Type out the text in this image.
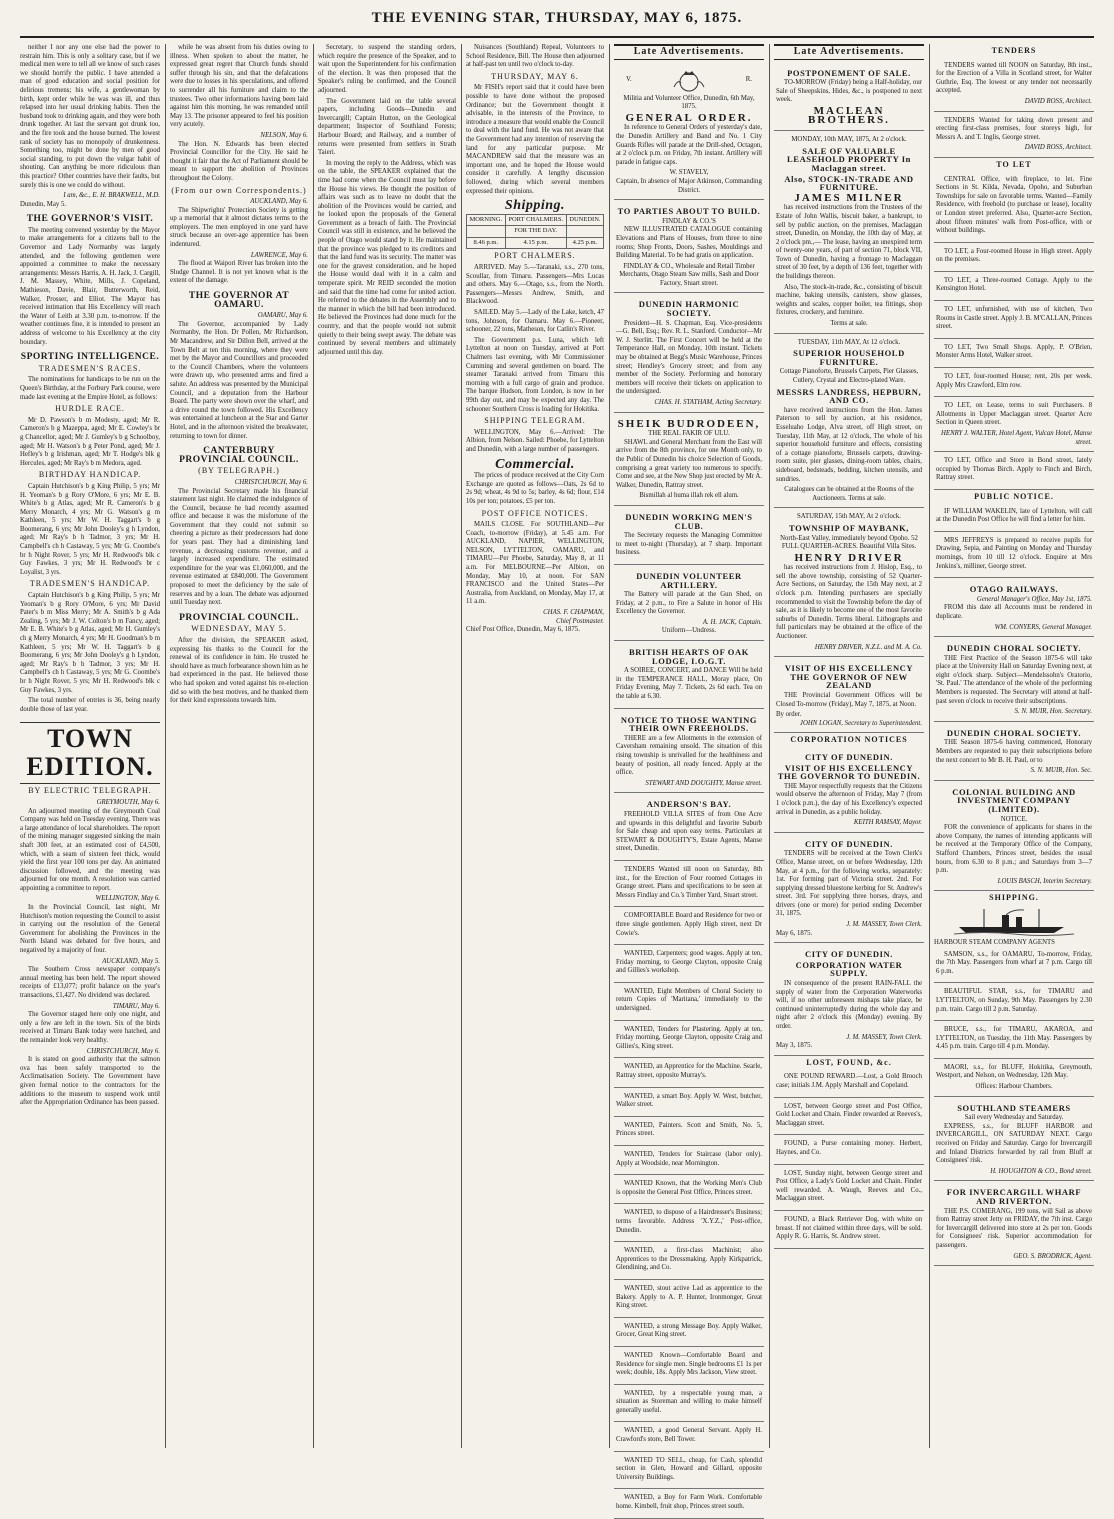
THE EVENING STAR, THURSDAY, MAY 6, 1875.

neither I nor any one else had the power to restrain him. This is only a solitary case, but if we medical men were to tell all we know of such cases we should horrify the public. I have attended a man of good education and social position for delirious tremens; his wife, a gentlewoman by birth, kept order while he was was ill, and thus relapsed into her usual drinking habits. Then the husband took to drinking again, and they were both drunk together. At last the servant got drunk too, and the fire took and the house burned. The lowest rank of society has no monopoly of drunkenness. Something too, might be done by men of good social standing, to put down the vulgar habit of shouting. Can anything be more ridiculous than this practice? Other countries have their faults, but surely this is one we could do without.

I am, &c., E. H. BRAKWELL, M.D.
Dunedin, May 5.
THE GOVERNOR'S VISIT.

The meeting convened yesterday by the Mayor to make arrangements for a citizens ball to the Governor and Lady Normanby was largely attended, and the following gentlemen were appointed a committee to make the necessary arrangements: Messrs Harris, A. H. Jack, J. Cargill, J. M. Massey, White, Mills, J. Copeland, Mathieson, Davie, Blair, Butterworth, Reid, Walker, Prosser, and Elliot. The Mayor has received intimation that His Excellency will reach the Water of Leith at 3.30 p.m. to-morrow. If the weather continues fine, it is intended to present an address of welcome to his Excellency at the city boundary.

SPORTING INTELLIGENCE.
TRADESMEN'S RACES.

The nominations for handicaps to be run on the Queen's Birthday, at the Forbury Park course, were made last evening at the Empire Hotel, as follows:

HURDLE RACE.

Mr D. Pawson's b m Modesty, aged; Mr R. Cameron's b g Mazeppa, aged; Mr E. Cowley's br g Chancellor, aged; Mr J. Gumley's b g Schoolboy, aged; Mr H. Watson's b g Peter Pond, aged; Mr J. Hefley's b g Irishman, aged; Mr T. Hodge's blk g Hercules, aged; Mr Ray's b m Medora, aged.

BIRTHDAY HANDICAP.

Captain Hutchison's b g King Philip, 5 yrs; Mr H. Yeoman's b g Rory O'More, 6 yrs; Mr E. B. White's b g Atlas, aged; Mr R. Cameron's b g Merry Monarch, 4 yrs; Mr G. Watson's g m Kathleen, 5 yrs; Mr W. H. Taggart's b g Boomerang, 6 yrs; Mr John Dooley's g h Lyndon, aged; Mr Ray's b h Tadmor, 3 yrs; Mr H. Campbell's ch h Castaway, 5 yrs; Mr G. Coombe's br h Night Rover, 5 yrs; Mr H. Redwood's blk c Guy Fawkes, 3 yrs; Mr H. Redwood's br c Loyalist, 3 yrs.

TRADESMEN'S HANDICAP.

Captain Hutchison's b g King Philip, 5 yrs; Mr Yeoman's b g Rory O'More, 6 yrs; Mr David Pater's b m Miss Merry; Mr A. Smith's b g Ada Zealing, 5 yrs; Mr J. W. Colton's b m Fancy, aged; Mr E. B. White's b g Atlas, aged; Mr H. Gumley's ch g Merry Monarch, 4 yrs; Mr H. Goodman's b m Kathleen, 5 yrs; Mr W. H. Taggart's b g Boomerang, 6 yrs; Mr John Dooley's g h Lyndon, aged; Mr Ray's b h Tadmor, 3 yrs; Mr H. Campbell's ch h Castaway, 5 yrs; Mr G. Coombe's br h Night Rover, 5 yrs; Mr H. Redwood's blk c Guy Fawkes, 3 yrs.

The total number of entries is 36, being nearly double those of last year.

TOWN EDITION.
BY ELECTRIC TELEGRAPH.
GREYMOUTH, May 6.

An adjourned meeting of the Greymouth Coal Company was held on Tuesday evening. There was a large attendance of local shareholders. The report of the mining manager suggested sinking the main shaft 300 feet, at an estimated cost of £4,500, which, with a seam of sixteen feet thick, would yield the first year 100 tons per day. An animated discussion followed, and the meeting was adjourned for one month. A resolution was carried appointing a committee to report.

WELLINGTON, May 6.

In the Provincial Council, last night, Mr Hutchison's motion requesting the Council to assist in carrying out the resolution of the General Government for abolishing the Provinces in the North Island was debated for five hours, and negatived by a majority of four.

AUCKLAND, May 5.

The Southern Cross newspaper company's annual meeting has been held. The report showed receipts of £13,077; profit balance on the year's transactions, £1,427. No dividend was declared.

TIMARU, May 6.

The Governor staged here only one night, and only a few are left in the town. Six of the birds received at Timaru Bank today were hatched, and the remainder look very healthy.

CHRISTCHURCH, May 6.

It is stated on good authority that the salmon ova has been safely transported to the Acclimatisation Society. The Government have given formal notice to the contractors for the additions to the museum to suspend work until after the Appropriation Ordinance has been passed.

while he was absent from his duties owing to illness. When spoken to about the matter, he expressed great regret that Church funds should suffer through his sin, and that the defalcations were due to losses in his speculations, and offered to surrender all his furniture and claim to the trustees. Two other informations having been laid against him this morning, he was remanded until May 13. The prisoner appeared to feel his position very acutely.

NELSON, May 6.

The Hon. N. Edwards has been elected Provincial Councillor for the City. He said he thought it fair that the Act of Parliament should be meant to support the abolition of Provinces throughout the Colony.

(From our own Correspondents.)
AUCKLAND, May 6.

The Shipwrights' Protection Society is getting up a memorial that it almost dictates terms to the employers. The men employed in one yard have struck because an over-age apprentice has been indentured.

LAWRENCE, May 6.

The flood at Waipori River has broken into the Sludge Channel. It is not yet known what is the extent of the damage.

THE GOVERNOR AT OAMARU.
OAMARU, May 6.

The Governor, accompanied by Lady Normanby, the Hon. Dr Pollen, Mr Richardson, Mr Macandrew, and Sir Dillon Bell, arrived at the Town Belt at ten this morning, where they were met by the Mayor and Councillors and proceeded to the Council Chambers, where the volunteers were drawn up, who presented arms and fired a salute. An address was presented by the Municipal Council, and a deputation from the Harbour Board. The party were shown over the wharf, and a drive round the town followed. His Excellency was entertained at luncheon at the Star and Garter Hotel, and in the afternoon visited the breakwater, returning to town for dinner.

CANTERBURY PROVINCIAL COUNCIL.
(BY TELEGRAPH.)
CHRISTCHURCH, May 6.

The Provincial Secretary made his financial statement last night. He claimed the indulgence of the Council, because he had recently assumed office and because it was the misfortune of the Government that they could not submit so cheering a picture as their predecessors had done for years past. They had a diminishing land revenue, a decreasing customs revenue, and a largely increased expenditure. The estimated expenditure for the year was £1,060,000, and the revenue estimated at £840,000. The Government proposed to meet the deficiency by the sale of reserves and by a loan. The debate was adjourned until Tuesday next.

PROVINCIAL COUNCIL.
WEDNESDAY, MAY 5.

After the division, the SPEAKER asked, expressing his thanks to the Council for the renewal of its confidence in him. He trusted he should have as much forbearance shown him as he had experienced in the past. He believed those who had spoken and voted against his re-election did so with the best motives, and he thanked them for their kind expressions towards him.

Secretary, to suspend the standing orders, which require the presence of the Speaker, and to wait upon the Superintendent for his confirmation of the election. It was then proposed that the Speaker's ruling be confirmed, and the Council adjourned.

The Government laid on the table several papers, including Goods—Dunedin and Invercargill; Captain Hutton, on the Geological department; Inspector of Southland Forests; Harbour Board; and Railway, and a number of returns were presented from settlers in Strath Taieri.

In moving the reply to the Address, which was on the table, the SPEAKER explained that the time had come when the Council must lay before the House his views. He thought the position of affairs was such as to leave no doubt that the abolition of the Provinces would be carried, and he looked upon the proposals of the General Government as a breach of faith. The Provincial Council was still in existence, and he believed the people of Otago would stand by it. He maintained that the province was pledged to its creditors and that the land fund was its security. The matter was one for the gravest consideration, and he hoped the House would deal with it in a calm and temperate spirit. Mr REID seconded the motion and said that the time had come for united action. He referred to the debates in the Assembly and to the manner in which the bill had been introduced. He believed the Provinces had done much for the country, and that the people would not submit quietly to their being swept away. The debate was continued by several members and ultimately adjourned until this day.

Nuisances (Southland) Repeal, Volunteers to School Residence, Bill. The House then adjourned at half-past ten until two o'clock to-day.

THURSDAY, MAY 6.

Mr FISH's report said that it could have been possible to have done without the proposed Ordinance; but the Government thought it advisable, in the interests of the Province, to introduce a measure that would enable the Council to deal with the land fund. He was not aware that the Government had any intention of reserving the land for any particular purpose. Mr MACANDREW said that the measure was an important one, and he hoped the House would consider it carefully. A lengthy discussion followed, during which several members expressed their opinions.

Shipping.
MORNING.	PORT CHALMERS.	DUNEDIN.
	FOR THE DAY.	
8.46 p.m.	4.15 p.m.	4.25 p.m.
PORT CHALMERS.

ARRIVED. May 5.—Taranaki, s.s., 270 tons, Scoullar, from Timaru. Passengers—Mrs Lucas and others. May 6.—Otago, s.s., from the North. Passengers—Messrs Andrew, Smith, and Blackwood.

SAILED. May 5.—Lady of the Lake, ketch, 47 tons, Johnson, for Oamaru. May 6.—Pioneer, schooner, 22 tons, Matheson, for Catlin's River.

The Government p.s. Luna, which left Lyttelton at noon on Tuesday, arrived at Port Chalmers last evening, with Mr Commissioner Cumming and several gentlemen on board. The steamer Taranaki arrived from Timaru this morning with a full cargo of grain and produce. The barque Hudson, from London, is now in her 99th day out, and may be expected any day. The schooner Southern Cross is loading for Hokitika.

SHIPPING TELEGRAM.

WELLINGTON, May 6.—Arrived: The Albion, from Nelson. Sailed: Phoebe, for Lyttelton and Dunedin, with a large number of passengers.

Commercial.

The prices of produce received at the City Corn Exchange are quoted as follows—Oats, 2s 6d to 2s 9d; wheat, 4s 9d to 5s; barley, 4s 6d; flour, £14 10s per ton; potatoes, £5 per ton.

POST OFFICE NOTICES.

MAILS CLOSE. For SOUTHLAND—Per Coach, to-morrow (Friday), at 5.45 a.m. For AUCKLAND, NAPIER, WELLINGTON, NELSON, LYTTELTON, OAMARU, and TIMARU—Per Phoebe, Saturday, May 8, at 11 a.m. For MELBOURNE—Per Albion, on Monday, May 10, at noon. For SAN FRANCISCO and the United States—Per Australia, from Auckland, on Monday, May 17, at 11 a.m.

CHAS. F. CHAPMAN,
Chief Postmaster.
Chief Post Office, Dunedin, May 6, 1875.
Late Advertisements.
V.	R.
Militia and Volunteer Office, Dunedin, 6th May, 1875.
GENERAL ORDER.

In reference to General Orders of yesterday's date, the Dunedin Artillery and Band and No. 1 City Guards Rifles will parade at the Drill-shed, Octagon, at 2 o'clock p.m. on Friday, 7th instant. Artillery will parade in fatigue caps.

W. STAVELY,
Captain, In absence of Major Atkinson, Commanding District.
TO PARTIES ABOUT TO BUILD.
FINDLAY & CO.'S

NEW ILLUSTRATED CATALOGUE containing Elevations and Plans of Houses, from three to nine rooms; Shop Fronts, Doors, Sashes, Mouldings and Building Material. To be had gratis on application.

FINDLAY & CO., Wholesale and Retail Timber Merchants, Otago Steam Saw mills, Sash and Door Factory, Stuart street.
DUNEDIN HARMONIC SOCIETY.

President—H. S. Chapman, Esq. Vice-presidents—G. Bell, Esq.; Rev. R. L. Stanford. Conductor—Mr W. J. Sterlitt. The First Concert will be held at the Temperance Hall, on Monday, 10th instant. Tickets may be obtained at Begg's Music Warehouse, Princes street; Hendley's Grocery street; and from any member of the Society. Performing and honorary members will receive their tickets on application to the undersigned.

CHAS. H. STATHAM, Acting Secretary.
SHEIK BUDRODEEN,
THE REAL FAKIR OF ULU.

SHAWL and General Merchant from the East will arrive from the 8th province, for one Month only, to the Public of Dunedin his choice Selection of Goods, comprising a great variety too numerous to specify. Come and see, at the New Shop just erected by Mr A. Walker, Dunedin, Rattray street.

Bismillah al huma illah rek ell alum.
DUNEDIN WORKING MEN'S CLUB.

The Secretary requests the Managing Committee to meet to-night (Thursday), at 7 sharp. Important business.

DUNEDIN VOLUNTEER ARTILLERY.

The Battery will parade at the Gun Shed, on Friday, at 2 p.m., to Fire a Salute in honor of His Excellency the Governor.

A. H. JACK, Captain.
Uniform—Undress.
BRITISH HEARTS OF OAK LODGE, I.O.G.T.

A SOIREE, CONCERT, and DANCE Will be held in the TEMPERANCE HALL, Moray place, On Friday Evening, May 7. Tickets, 2s 6d each. Tea on the table at 6.30.

NOTICE TO THOSE WANTING THEIR OWN FREEHOLDS.

THERE are a few Allotments in the extension of Caversham remaining unsold. The situation of this rising township is unrivalled for the healthiness and beauty of position, all ready fenced. Apply at the office.

STEWART AND DOUGHTY, Manse street.
ANDERSON'S BAY.

FREEHOLD VILLA SITES of from One Acre and upwards in this delightful and favorite Suburb for Sale cheap and upon easy terms. Particulars at STEWART & DOUGHTY'S, Estate Agents, Manse street, Dunedin.

TENDERS Wanted till noon on Saturday, 8th inst., for the Erection of Four roomed Cottages in Grange street. Plans and specifications to be seen at Messrs Findlay and Co.'s Timber Yard, Stuart street.

COMFORTABLE Board and Residence for two or three single gentlemen. Apply High street, next Dr Cowie's.

WANTED, Carpenters; good wages. Apply at ten, Friday morning, to George Clayton, opposite Craig and Gillies's workshop.

WANTED, Eight Members of Choral Society to return Copies of 'Maritana,' immediately to the undersigned.

WANTED, Tenders for Plastering. Apply at ten, Friday morning, George Clayton, opposite Craig and Gillies's, King street.

WANTED, an Apprentice for the Machine. Searle, Rattray street, opposite Murray's.

WANTED, a smart Boy. Apply W. West, butcher, Walker street.

WANTED, Painters. Scott and Smith, No. 5, Princes street.

WANTED, Tenders for Staircase (labor only). Apply at Woodside, near Mornington.

WANTED Known, that the Working Men's Club is opposite the General Post Office, Princes street.

WANTED, to dispose of a Hairdresser's Business; terms favorable. Address 'X.Y.Z.,' Post-office, Dunedin.

WANTED, a first-class Machinist; also Apprentices to the Dressmaking. Apply Kirkpatrick, Glendining, and Co.

WANTED, stout active Lad as apprentice to the Bakery. Apply to A. P. Hunter, Ironmonger, Great King street.

WANTED, a strong Message Boy. Apply Walker, Grocer, Great King street.

WANTED Known—Comfortable Board and Residence for single men. Single bedrooms £1 1s per week; double, 18s. Apply Mrs Jackson, View street.

WANTED, by a respectable young man, a situation as Storeman and willing to make himself generally useful.

WANTED, a good General Servant. Apply H. Crawford's store, Bell Tower.

WANTED TO SELL, cheap, for Cash, splendid section in Glen, Howard and Gillard, opposite University Buildings.

WANTED, a Boy for Farm Work. Comfortable home. Kimbell, fruit shop, Princes street south.

Late Advertisements.
POSTPONEMENT OF SALE.

TO-MORROW (Friday) being a Half-holiday, our Sale of Sheepskins, Hides, &c., is postponed to next week.

MACLEAN BROTHERS.
MONDAY, 10th MAY, 1875, At 2 o'clock.
SALE OF VALUABLE LEASEHOLD PROPERTY In Maclaggan street.
Also, STOCK-IN-TRADE AND FURNITURE.
JAMES MILNER

has received instructions from the Trustees of the Estate of John Wallis, biscuit baker, a bankrupt, to sell by public auction, on the premises, Maclaggan street, Dunedin, on Monday, the 10th day of May, at 2 o'clock pm.,— The lease, having an unexpired term of twenty-one years, of part of section 71, block VII, Town of Dunedin, having a frontage to Maclaggan street of 30 feet, by a depth of 136 feet, together with the buildings thereon.

Also, The stock-in-trade, &c., consisting of biscuit machine, baking utensils, canisters, show glasses, weights and scales, copper boiler, tea fittings, shop fixtures, crockery, and furniture.

Terms at sale.
TUESDAY, 11th MAY, At 12 o'clock.
SUPERIOR HOUSEHOLD FURNITURE.
Cottage Pianoforte, Brussels Carpets, Pier Glasses, Cutlery, Crystal and Electro-plated Ware.
MESSRS LANDRESS, HEPBURN, AND CO.

have received instructions from the Hon. James Paterson to sell by auction, at his residence, Esseluaho Lodge, Alva street, off High street, on Tuesday, 11th May, at 12 o'clock, The whole of his superior household furniture and effects, consisting of a cottage pianoforte, Brussels carpets, drawing-room suite, pier glasses, dining-room tables, chairs, sideboard, bedsteads, bedding, kitchen utensils, and sundries.

Catalogues can be obtained at the Rooms of the Auctioneers. Terms at sale.
SATURDAY, 15th MAY, At 2 o'clock.
TOWNSHIP OF MAYBANK,
North-East Valley, immediately beyond Opoho. 52 FULL QUARTER-ACRES. Beautiful Villa Sites.
HENRY DRIVER

has received instructions from J. Hislop, Esq., to sell the above township, consisting of 52 Quarter-Acre Sections, on Saturday, the 15th May next, at 2 o'clock p.m. Intending purchasers are specially recommended to visit the Township before the day of sale, as it is likely to become one of the most favorite suburbs of Dunedin. Terms liberal. Lithographs and full particulars may be obtained at the office of the Auctioneer.

HENRY DRIVER, N.Z.L. and M. A. Co.
VISIT OF HIS EXCELLENCY THE GOVERNOR OF NEW ZEALAND

THE Provincial Government Offices will be Closed To-morrow (Friday), May 7, 1875, at Noon.

By order.
JOHN LOGAN, Secretary to Superintendent.
CORPORATION NOTICES
CITY OF DUNEDIN.
VISIT OF HIS EXCELLENCY THE GOVERNOR TO DUNEDIN.

THE Mayor respectfully requests that the Citizens would observe the afternoon of Friday, May 7 (from 1 o'clock p.m.), the day of his Excellency's expected arrival in Dunedin, as a public holiday.

KEITH RAMSAY, Mayor.
CITY OF DUNEDIN.

TENDERS will be received at the Town Clerk's Office, Manse street, on or before Wednesday, 12th May, at 4 p.m., for the following works, separately: 1st. For forming part of Victoria street. 2nd. For supplying dressed bluestone kerbing for St. Andrew's street. 3rd. For supplying three horses, drays, and drivers (one or more) for period ending December 31, 1875.

J. M. MASSEY, Town Clerk.
May 6, 1875.
CITY OF DUNEDIN.
CORPORATION WATER SUPPLY.

IN consequence of the present RAIN-FALL the supply of water from the Corporation Waterworks will, if no other unforeseen mishaps take place, be continued uninterruptedly during the whole day and night after 2 o'clock this (Monday) evening. By order.

J. M. MASSEY, Town Clerk.
May 3, 1875.
LOST, FOUND, &c.

ONE POUND REWARD.—Lost, a Gold Brooch case; initials J.M. Apply Marshall and Copeland.

LOST, between George street and Post Office, Gold Locket and Chain. Finder rewarded at Reeves's, Maclaggan street.

FOUND, a Purse containing money. Herbert, Haynes, and Co.

LOST, Sunday night, between George street and Post Office, a Lady's Gold Locket and Chain. Finder well rewarded. A. Waugh, Reeves and Co., Maclaggan street.

FOUND, a Black Retriever Dog, with white on breast. If not claimed within three days, will be sold. Apply R. G. Harris, St. Andrew street.

TENDERS

TENDERS wanted till NOON on Saturday, 8th inst., for the Erection of a Villa in Scotland street, for Walter Guthrie, Esq. The lowest or any tender not necessarily accepted.

DAVID ROSS, Architect.

TENDERS Wanted for taking down present and erecting first-class premises, four storeys high, for Messrs A. and T. Inglis, George street.

DAVID ROSS, Architect.
TO LET

CENTRAL Office, with fireplace, to let. Fine Sections in St. Kilda, Nevada, Opoho, and Suburban Townships for sale on favorable terms. Wanted—Family Residence, with freehold (to purchase or lease), locality or London street preferred. Also, Quarter-acre Section, about fifteen minutes' walk from Post-office, with or without buildings.

TO LET, a Four-roomed House in High street. Apply on the premises.

TO LET, a Three-roomed Cottage. Apply to the Kensington Hotel.

TO LET, unfurnished, with use of kitchen, Two Rooms in Castle street. Apply J. B. M'CALLAN, Princes street.

TO LET, Two Small Shops. Apply, P. O'Brien, Monster Arms Hotel, Walker street.

TO LET, four-roomed House; rent, 20s per week. Apply Mrs Crawford, Elm row.

TO LET, on Lease, terms to suit Purchasers. 8 Allotments in Upper Maclaggan street. Quarter Acre Section in Queen street.

HENRY J. WALTER, Hotel Agent, Vulcan Hotel, Manse street.

TO LET, Office and Store in Bond street, lately occupied by Thomas Birch. Apply to Finch and Birch, Rattray street.

PUBLIC NOTICE.

IF WILLIAM WAKELIN, late of Lyttelton, will call at the Dunedin Post Office he will find a letter for him.

MRS JEFFREYS is prepared to receive pupils for Drawing, Sepia, and Painting on Monday and Thursday mornings, from 10 till 12 o'clock. Enquire at Mrs Jenkins's, milliner, George street.

OTAGO RAILWAYS.
General Manager's Office, May 1st, 1875.

FROM this date all Accounts must be rendered in duplicate.

WM. CONYERS, General Manager.
DUNEDIN CHORAL SOCIETY.

THE First Practice of the Season 1875-6 will take place at the University Hall on Saturday Evening next, at eight o'clock sharp. Subject—Mendelssohn's Oratorio, 'St. Paul.' The attendance of the whole of the performing Members is requested. The Secretary will attend at half-past seven o'clock to receive their subscriptions.

S. N. MUIR, Hon. Secretary.
DUNEDIN CHORAL SOCIETY.

THE Season 1875-6 having commenced, Honorary Members are requested to pay their subscriptions before the next concert to Mr B. H. Paul, or to

S. N. MUIR, Hon. Sec.
COLONIAL BUILDING AND INVESTMENT COMPANY (LIMITED).
NOTICE.

FOR the convenience of applicants for shares in the above Company, the names of intending applicants will be received at the Temporary Office of the Company, Stafford Chambers, Princes street, besides the usual hours, from 6.30 to 8 p.m.; and Saturdays from 3—7 p.m.

LOUIS BASCH, Interim Secretary.
SHIPPING.
HARBOUR STEAM COMPANY AGENTS

SAMSON, s.s., for OAMARU, To-morrow, Friday, the 7th May. Passengers from wharf at 7 p.m. Cargo till 6 p.m.

BEAUTIFUL STAR, s.s., for TIMARU and LYTTELTON, on Sunday, 9th May. Passengers by 2.30 p.m. train. Cargo till 2 p.m. Saturday.

BRUCE, s.s., for TIMARU, AKAROA, and LYTTELTON, on Tuesday, the 11th May. Passengers by 4.45 p.m. train. Cargo till 4 p.m. Monday.

MAORI, s.s., for BLUFF, Hokitika, Greymouth, Westport, and Nelson, on Wednesday, 12th May.

Offices: Harbour Chambers.
SOUTHLAND STEAMERS
Sail every Wednesday and Saturday.

EXPRESS, s.s., for BLUFF HARBOR and INVERCARGILL, ON SATURDAY NEXT. Cargo received on Friday and Saturday. Cargo for Invercargill and Inland Districts forwarded by rail from Bluff at Consignees' risk.

H. HOUGHTON & CO., Bond street.
FOR INVERCARGILL WHARF AND RIVERTON.

THE P.S. COMERANG, 199 tons, will Sail as above from Rattray street Jetty on FRIDAY, the 7th inst. Cargo for Invercargill delivered into store at 2s per ton. Goods for Consignees' risk. Superior accommodation for passengers.

GEO. S. BRODRICK, Agent.
